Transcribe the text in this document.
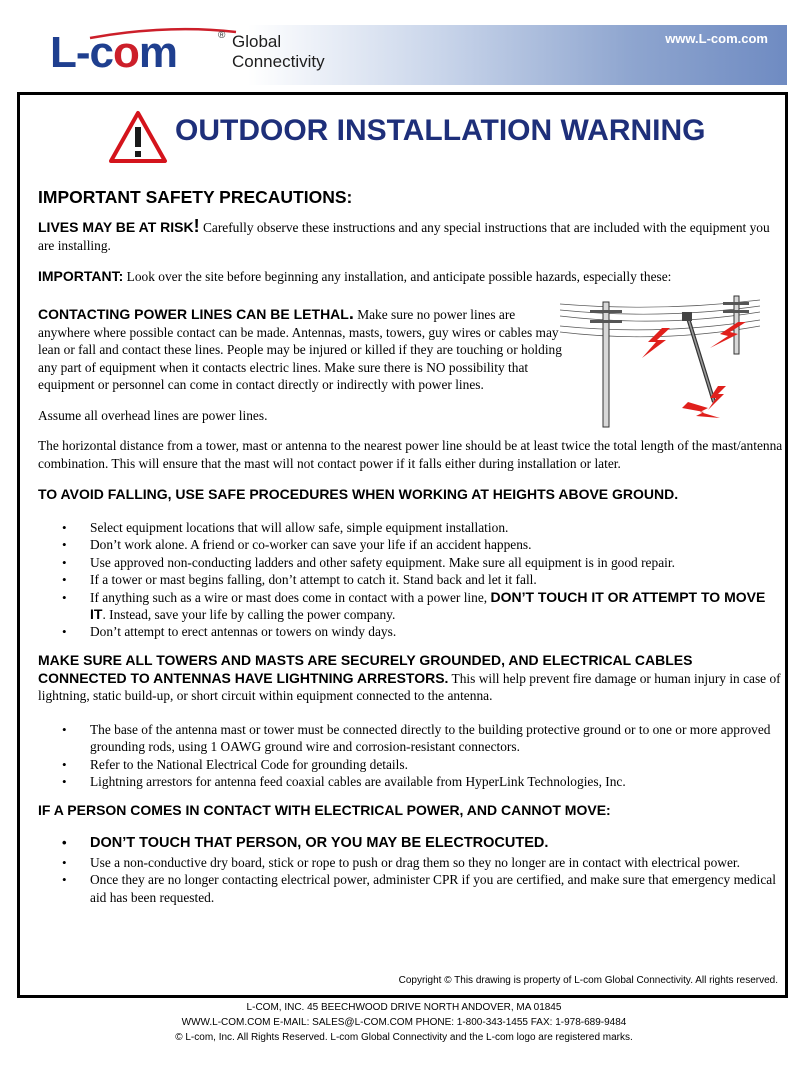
L-com	® Global
Connectivity
www.L-com.com
OUTDOOR INSTALLATION WARNING
IMPORTANT SAFETY PRECAUTIONS:

LIVES MAY BE AT RISK! Carefully observe these instructions and any special instructions that are included with the equipment you are installing.

IMPORTANT: Look over the site before beginning any installation, and anticipate possible hazards, especially these:

CONTACTING POWER LINES CAN BE LETHAL. Make sure no power lines are anywhere where possible contact can be made. Antennas, masts, towers, guy wires or cables may lean or fall and contact these lines. People may be injured or killed if they are touching or holding any part of equipment when it contacts electric lines. Make sure there is NO possibility that equipment or personnel can come in contact directly or indirectly with power lines.

Assume all overhead lines are power lines.

The horizontal distance from a tower, mast or antenna to the nearest power line should be at least twice the total length of the mast/antenna combination. This will ensure that the mast will not contact power if it falls either during installation or later.

TO AVOID FALLING, USE SAFE PROCEDURES WHEN WORKING AT HEIGHTS ABOVE GROUND.
• Select equipment locations that will allow safe, simple equipment installation.
• Don’t work alone. A friend or co-worker can save your life if an accident happens.
• Use approved non-conducting ladders and other safety equipment. Make sure all equipment is in good repair.
• If a tower or mast begins falling, don’t attempt to catch it. Stand back and let it fall.
• If anything such as a wire or mast does come in contact with a power line, DON’T TOUCH IT OR ATTEMPT TO MOVE IT. Instead, save your life by calling the power company.
• Don’t attempt to erect antennas or towers on windy days.

MAKE SURE ALL TOWERS AND MASTS ARE SECURELY GROUNDED, AND ELECTRICAL CABLES CONNECTED TO ANTENNAS HAVE LIGHTNING ARRESTORS. This will help prevent fire damage or human injury in case of lightning, static build-up, or short circuit within equipment connected to the antenna.

• The base of the antenna mast or tower must be connected directly to the building protective ground or to one or more approved grounding rods, using 1 OAWG ground wire and corrosion-resistant connectors.
• Refer to the National Electrical Code for grounding details.
• Lightning arrestors for antenna feed coaxial cables are available from HyperLink Technologies, Inc.
IF A PERSON COMES IN CONTACT WITH ELECTRICAL POWER, AND CANNOT MOVE:
• DON’T TOUCH THAT PERSON, OR YOU MAY BE ELECTROCUTED.
• Use a non-conductive dry board, stick or rope to push or drag them so they no longer are in contact with electrical power.
• Once they are no longer contacting electrical power, administer CPR if you are certified, and make sure that emergency medical aid has been requested.

Copyright © This drawing is property of L-com Global Connectivity. All rights reserved.

L-COM, INC. 45 BEECHWOOD DRIVE NORTH ANDOVER, MA 01845
WWW.L-COM.COM E-MAIL: SALES@L-COM.COM PHONE: 1-800-343-1455 FAX: 1-978-689-9484
© L-com, Inc. All Rights Reserved. L-com Global Connectivity and the L-com logo are registered marks.
